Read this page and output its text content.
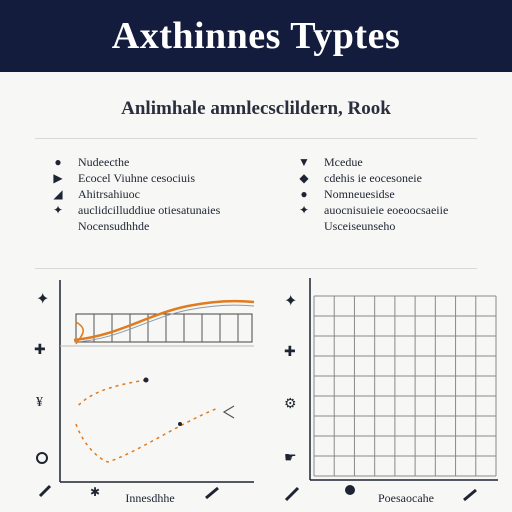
Axthinnes Typtes
Anlimhale amnlecsclildern, Rook
●	Nudeecthe
▶ Ecocel Viuhne cesociuis
◢ Ahitrsahiuoc
✦ auclidcilluddiue otiesatunaies
Nocensudhhde
▼ Mcedue
◆ cdehis ie eocesoneie
●	Nomneuesidse
✦ auocnisuieie eoeoocsaeiie
Usceiseunseho
✦
✚
¥
✱ Innesdhhe
✦
✚
⚙
☛
Poesaocahe
